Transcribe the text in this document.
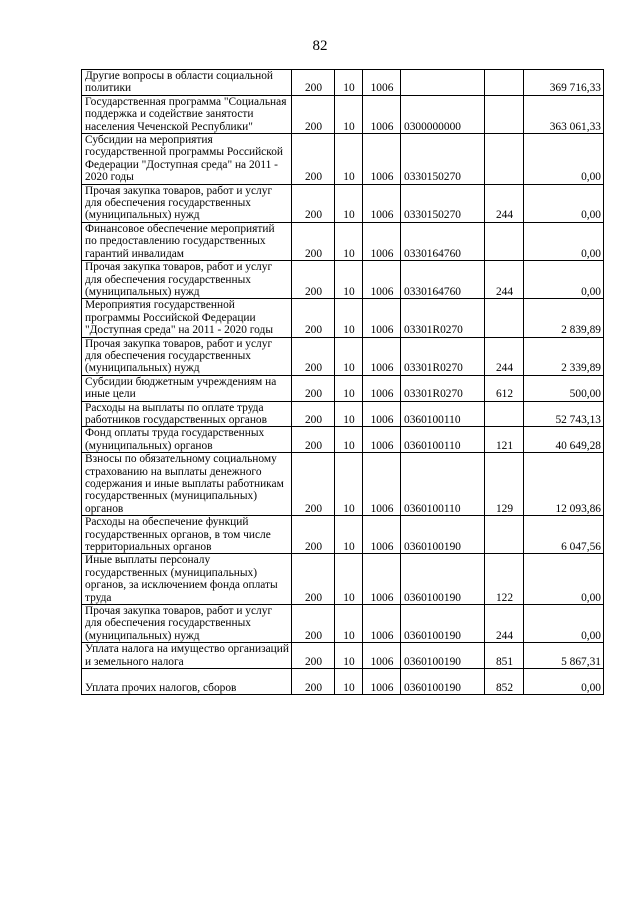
82
Другие вопросы в области социальной политики	200	10	1006			369 716,33
Государственная программа "Социальная поддержка и содействие занятости населения Чеченской Республики"	200	10	1006	0300000000		363 061,33
Субсидии на мероприятия государственной программы Российской Федерации "Доступная среда" на 2011 - 2020 годы	200	10	1006	0330150270		0,00
Прочая закупка товаров, работ и услуг для обеспечения государственных (муниципальных) нужд	200	10	1006	0330150270	244	0,00
Финансовое обеспечение мероприятий по предоставлению государственных гарантий инвалидам	200	10	1006	0330164760		0,00
Прочая закупка товаров, работ и услуг для обеспечения государственных (муниципальных) нужд	200	10	1006	0330164760	244	0,00
Мероприятия государственной программы Российской Федерации "Доступная среда" на 2011 - 2020 годы	200	10	1006	03301R0270		2 839,89
Прочая закупка товаров, работ и услуг для обеспечения государственных (муниципальных) нужд	200	10	1006	03301R0270	244	2 339,89
Субсидии бюджетным учреждениям на иные цели	200	10	1006	03301R0270	612	500,00
Расходы на выплаты по оплате труда работников государственных органов	200	10	1006	0360100110		52 743,13
Фонд оплаты труда государственных (муниципальных) органов	200	10	1006	0360100110	121	40 649,28
Взносы по обязательному социальному страхованию на выплаты денежного содержания и иные выплаты работникам государственных (муниципальных) органов	200	10	1006	0360100110	129	12 093,86
Расходы на обеспечение функций государственных органов, в том числе территориальных органов	200	10	1006	0360100190		6 047,56
Иные выплаты персоналу государственных (муниципальных) органов, за исключением фонда оплаты труда	200	10	1006	0360100190	122	0,00
Прочая закупка товаров, работ и услуг для обеспечения государственных (муниципальных) нужд	200	10	1006	0360100190	244	0,00
Уплата налога на имущество организаций и земельного налога	200	10	1006	0360100190	851	5 867,31
Уплата прочих налогов, сборов	200	10	1006	0360100190	852	0,00
